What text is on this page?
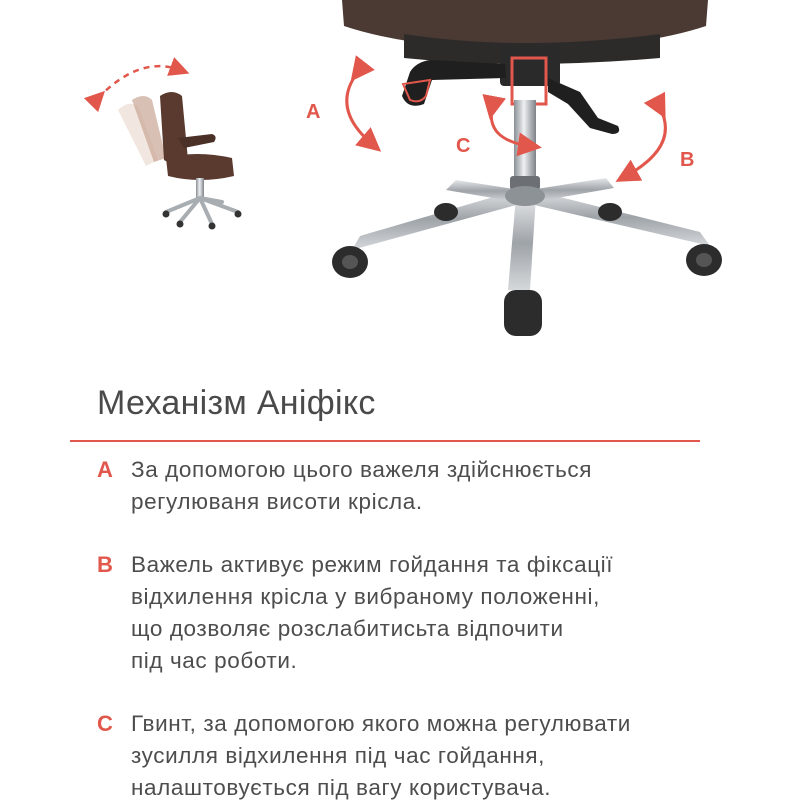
A
B
C
Механізм Аніфікс
A За допомогою цього важеля здійснюється
регулюваня висоти крісла.
B Важель активує режим гойдання та фіксації
відхилення крісла у вибраному положенні,
що дозволяє розслабитисьта відпочити
під час роботи.
C Гвинт, за допомогою якого можна регулювати
зусилля відхилення під час гойдання,
налаштовується під вагу користувача.
